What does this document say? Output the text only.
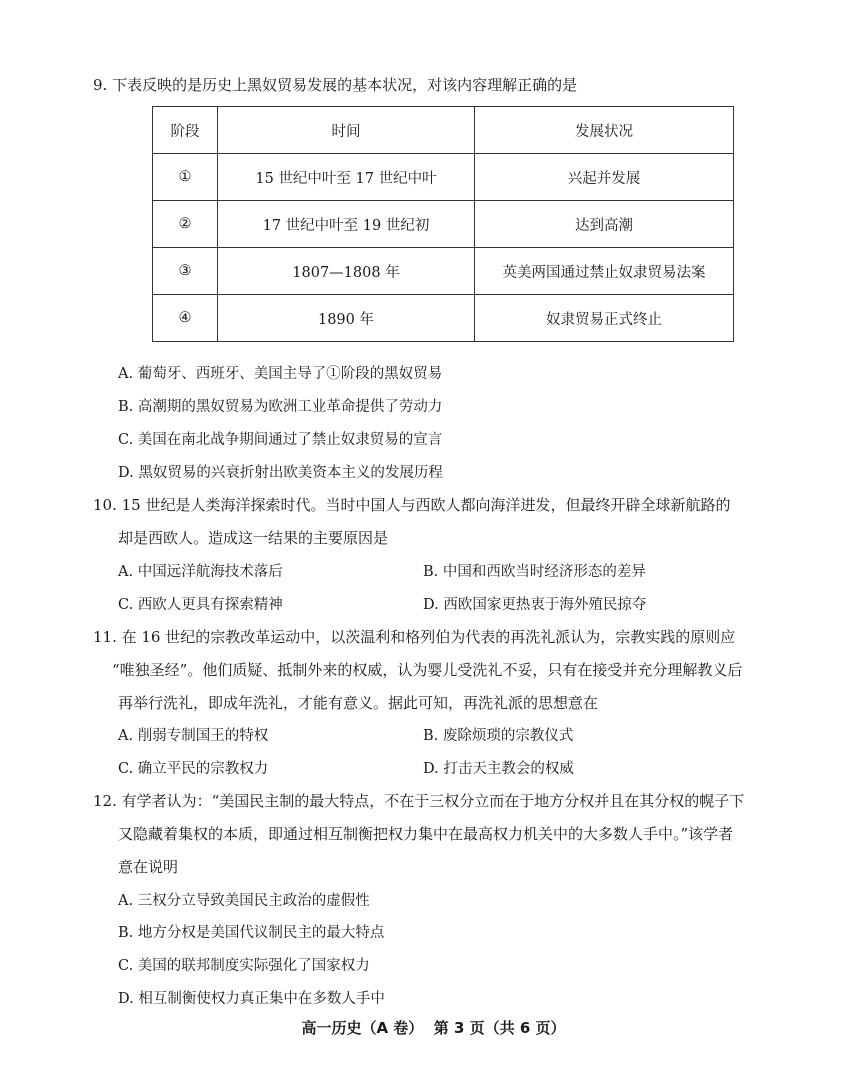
9. 下表反映的是历史上黑奴贸易发展的基本状况，对该内容理解正确的是
阶段	时间	发展状况
①	15 世纪中叶至 17 世纪中叶	兴起并发展
②	17 世纪中叶至 19 世纪初	达到高潮
③	1807—1808 年	英美两国通过禁止奴隶贸易法案
④	1890 年	奴隶贸易正式终止
A. 葡萄牙、西班牙、美国主导了①阶段的黑奴贸易
B. 高潮期的黑奴贸易为欧洲工业革命提供了劳动力
C. 美国在南北战争期间通过了禁止奴隶贸易的宣言
D. 黑奴贸易的兴衰折射出欧美资本主义的发展历程
10. 15 世纪是人类海洋探索时代。当时中国人与西欧人都向海洋进发，但最终开辟全球新航路的
却是西欧人。造成这一结果的主要原因是
A. 中国远洋航海技术落后	B. 中国和西欧当时经济形态的差异
C. 西欧人更具有探索精神	D. 西欧国家更热衷于海外殖民掠夺
11. 在 16 世纪的宗教改革运动中，以茨温利和格列伯为代表的再洗礼派认为，宗教实践的原则应
“唯独圣经”。他们质疑、抵制外来的权威，认为婴儿受洗礼不妥，只有在接受并充分理解教义后
再举行洗礼，即成年洗礼，才能有意义。据此可知，再洗礼派的思想意在
A. 削弱专制国王的特权	B. 废除烦琐的宗教仪式
C. 确立平民的宗教权力	D. 打击天主教会的权威
12. 有学者认为：“美国民主制的最大特点，不在于三权分立而在于地方分权并且在其分权的幌子下
又隐藏着集权的本质，即通过相互制衡把权力集中在最高权力机关中的大多数人手中。”该学者
意在说明
A. 三权分立导致美国民主政治的虚假性
B. 地方分权是美国代议制民主的最大特点
C. 美国的联邦制度实际强化了国家权力
D. 相互制衡使权力真正集中在多数人手中
高一历史（A 卷）  第 3 页（共 6 页）
